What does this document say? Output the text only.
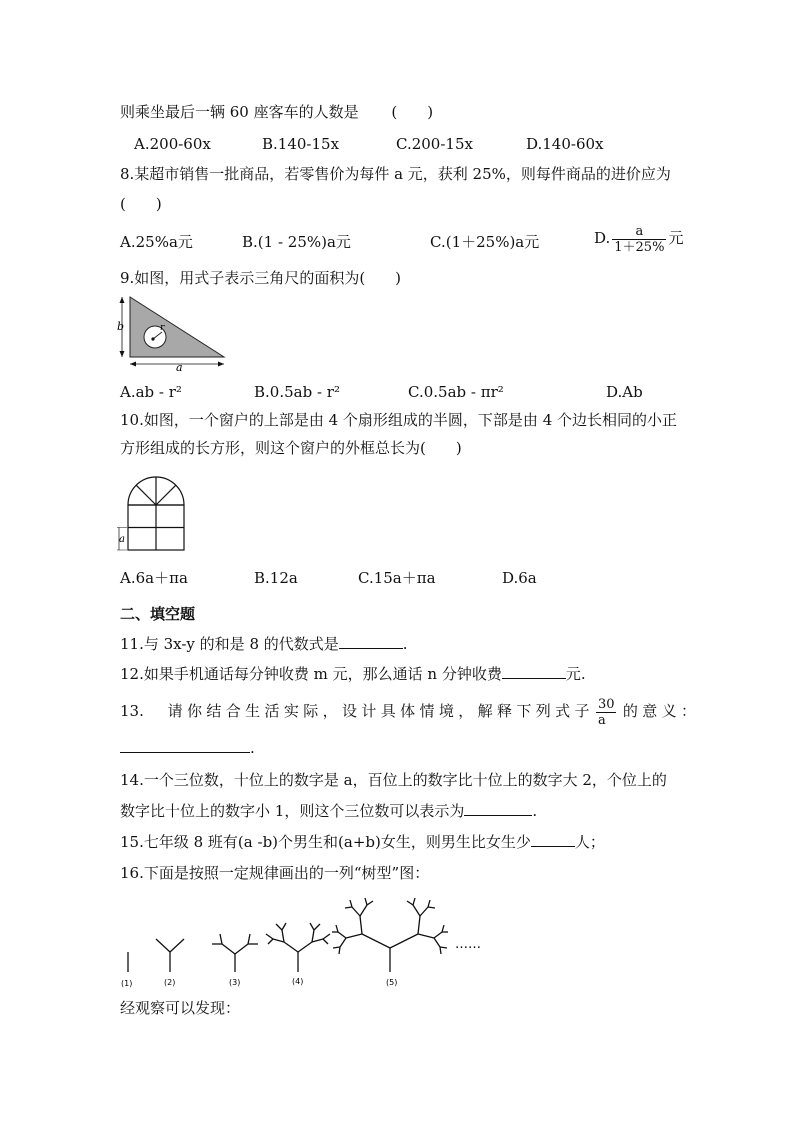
则乘坐最后一辆 60 座客车的人数是 (　　)
A.200-60x	B.140-15x	C.200-15x	D.140-60x
8.某超市销售一批商品，若零售价为每件 a 元，获利 25%，则每件商品的进价应为
(　　)
A.25%a元	B.(1 - 25%)a元	C.(1＋25%)a元	D. $\frac{a}{1+25\%}$ 元
9.如图，用式子表示三角尺的面积为(　　)
b	r
a
A.ab - r²	B.0.5ab - r²	C.0.5ab - πr²	D.Ab
10.如图，一个窗户的上部是由 4 个扇形组成的半圆，下部是由 4 个边长相同的小正
方形组成的长方形，则这个窗户的外框总长为(　　)
a
A.6a＋πa	B.12a	C.15a＋πa	D.6a
二、填空题
11.与 3x-y 的和是 8 的代数式是	.
12.如果手机通话每分钟收费 m 元，那么通话 n 分钟收费	元.
13.　请你结合生活实际，设计具体情境，解释下列式子 $\frac{30}{a}$ 的意义：
.
14.一个三位数，十位上的数字是 a，百位上的数字比十位上的数字大 2，个位上的
数字比十位上的数字小 1，则这个三位数可以表示为	.
15.七年级 8 班有(a -b)个男生和(a+b)女生，则男生比女生少	人；
16.下面是按照一定规律画出的一列“树型”图：
……
(1)	(2)	(3)	(4)	(5)
经观察可以发现：
